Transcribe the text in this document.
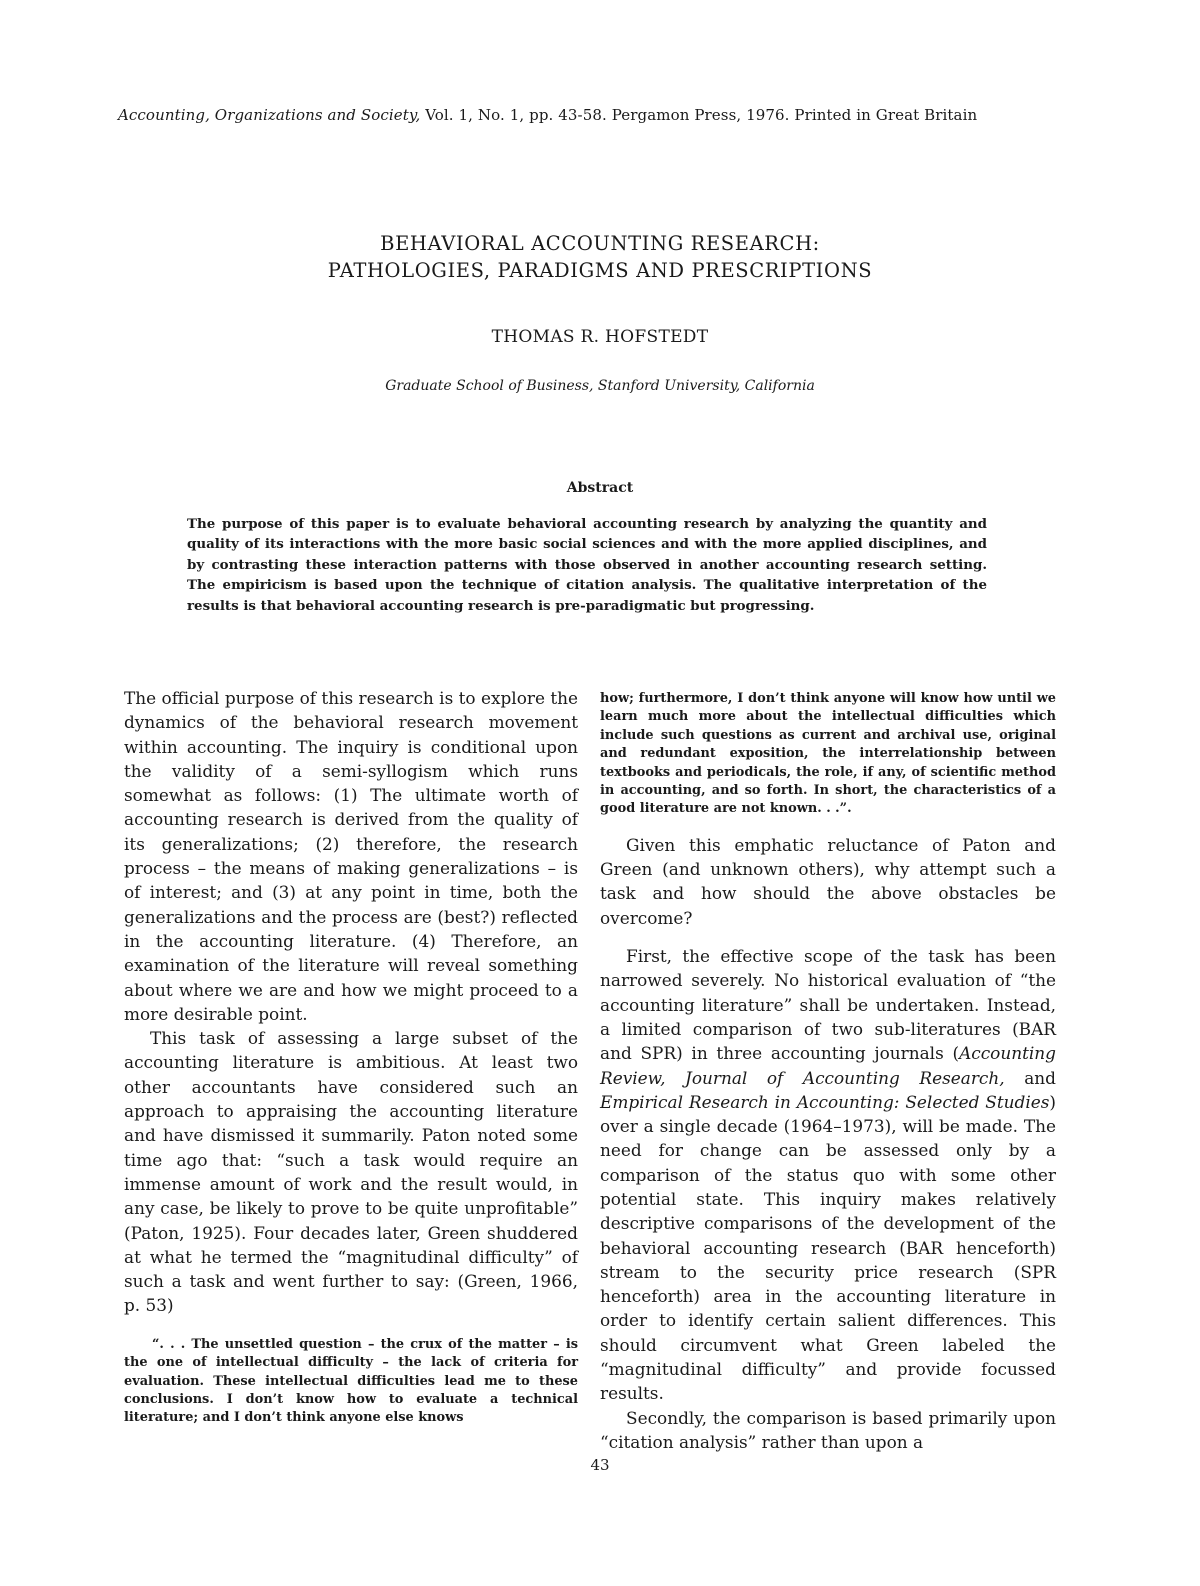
Accounting, Organizations and Society, Vol. 1, No. 1, pp. 43-58. Pergamon Press, 1976. Printed in Great Britain
BEHAVIORAL ACCOUNTING RESEARCH:
PATHOLOGIES, PARADIGMS AND PRESCRIPTIONS
THOMAS R. HOFSTEDT
Graduate School of Business, Stanford University, California
Abstract
The purpose of this paper is to evaluate behavioral accounting research by analyzing the quantity and quality of its interactions with the more basic social sciences and with the more applied disciplines, and by contrasting these interaction patterns with those observed in another accounting research setting. The empiricism is based upon the technique of citation analysis. The qualitative interpretation of the results is that behavioral accounting research is pre-paradigmatic but progressing.

The official purpose of this research is to explore the dynamics of the behavioral research movement within accounting. The inquiry is conditional upon the validity of a semi-syllogism which runs somewhat as follows: (1) The ultimate worth of accounting research is derived from the quality of its generalizations; (2) therefore, the research process – the means of making generalizations – is of interest; and (3) at any point in time, both the generalizations and the process are (best?) reflected in the accounting literature. (4) Therefore, an examination of the literature will reveal something about where we are and how we might proceed to a more desirable point.

This task of assessing a large subset of the accounting literature is ambitious. At least two other accountants have considered such an approach to appraising the accounting literature and have dismissed it summarily. Paton noted some time ago that: “such a task would require an immense amount of work and the result would, in any case, be likely to prove to be quite unprofitable” (Paton, 1925). Four decades later, Green shuddered at what he termed the “magnitudinal difficulty” of such a task and went further to say: (Green, 1966, p. 53)

“. . . The unsettled question – the crux of the matter – is the one of intellectual difficulty – the lack of criteria for evaluation. These intellectual difficulties lead me to these conclusions. I don’t know how to evaluate a technical literature; and I don’t think anyone else knows

how; furthermore, I don’t think anyone will know how until we learn much more about the intellectual difficulties which include such questions as current and archival use, original and redundant exposition, the interrelationship between textbooks and periodicals, the role, if any, of scientific method in accounting, and so forth. In short, the characteristics of a good literature are not known. . .”.

Given this emphatic reluctance of Paton and Green (and unknown others), why attempt such a task and how should the above obstacles be overcome?

First, the effective scope of the task has been narrowed severely. No historical evaluation of “the accounting literature” shall be undertaken. Instead, a limited comparison of two sub-literatures (BAR and SPR) in three accounting journals (Accounting Review, Journal of Accounting Research, and Empirical Research in Accounting: Selected Studies) over a single decade (1964–1973), will be made. The need for change can be assessed only by a comparison of the status quo with some other potential state. This inquiry makes relatively descriptive comparisons of the development of the behavioral accounting research (BAR henceforth) stream to the security price research (SPR henceforth) area in the accounting literature in order to identify certain salient differences. This should circumvent what Green labeled the “magnitudinal difficulty” and provide focussed results.

Secondly, the comparison is based primarily upon “citation analysis” rather than upon a

43
